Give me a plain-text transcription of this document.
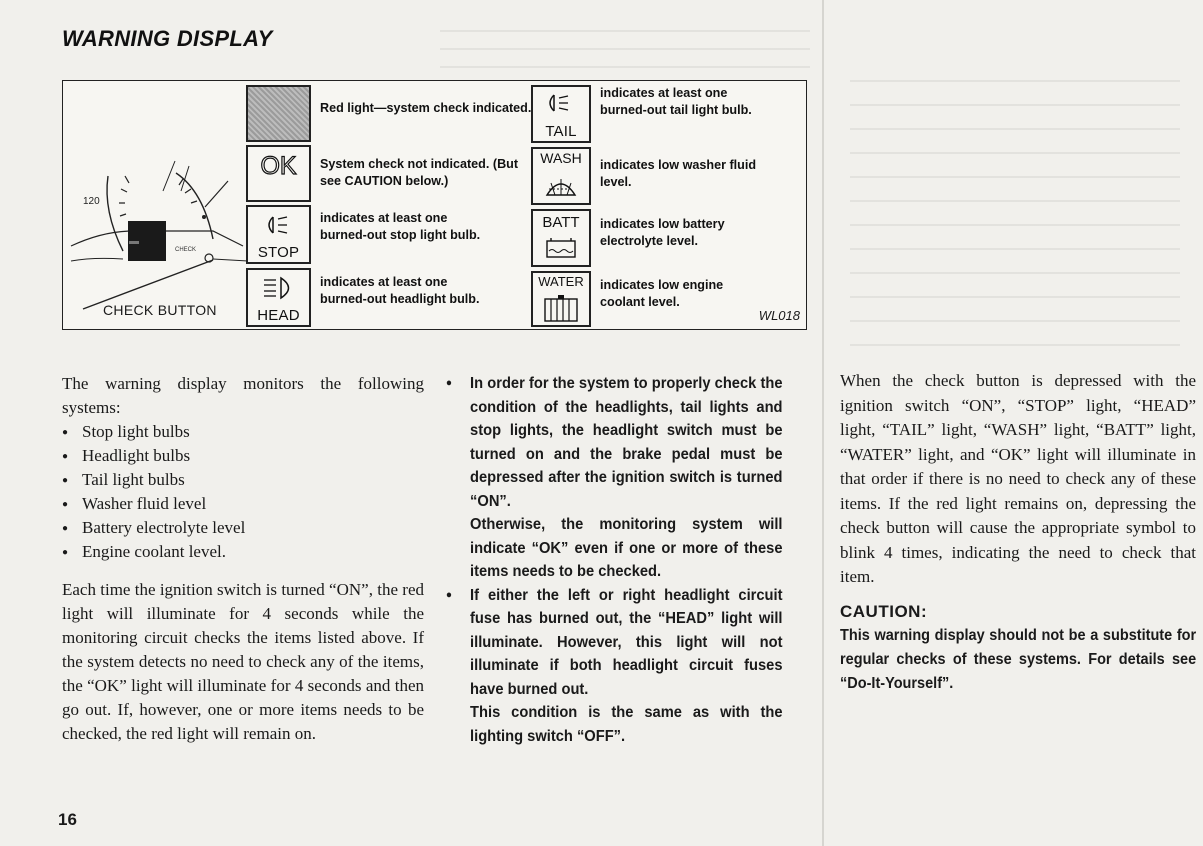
WARNING DISPLAY
120
CHECK
CHECK BUTTON
OK
STOP
HEAD
Red light—system check indicated.
System check not indicated. (But see CAUTION below.)
indicates at least one burned-out stop light bulb.
indicates at least one burned-out headlight bulb.
TAIL
WASH
BATT
WATER
indicates at least one burned-out tail light bulb.
indicates low washer fluid level.
indicates low battery electrolyte level.
indicates low engine coolant level.
WL018

The warning display monitors the following systems:

● Stop light bulbs
● Headlight bulbs
● Tail light bulbs
● Washer fluid level
● Battery electrolyte level
● Engine coolant level.

Each time the ignition switch is turned “ON”, the red light will illuminate for 4 seconds while the monitoring circuit checks the items listed above. If the system detects no need to check any of the items, the “OK” light will illuminate for 4 seconds and then go out. If, however, one or more items needs to be checked, the red light will remain on.

● In order for the system to properly check the condition of the headlights, tail lights and stop lights, the headlight switch must be turned on and the brake pedal must be depressed after the ignition switch is turned “ON”.
Otherwise, the monitoring system will indicate “OK” even if one or more of these items needs to be checked.
● If either the left or right headlight circuit fuse has burned out, the “HEAD” light will illuminate. However, this light will not illuminate if both headlight circuit fuses have burned out.
This condition is the same as with the lighting switch “OFF”.

When the check button is depressed with the ignition switch “ON”, “STOP” light, “HEAD” light, “TAIL” light, “WASH” light, “BATT” light, “WATER” light, and “OK” light will illuminate in that order if there is no need to check any of these items. If the red light remains on, depressing the check button will cause the appropriate symbol to blink 4 times, indicating the need to check that item.

CAUTION:
This warning display should not be a substitute for regular checks of these systems. For details see “Do-It-Yourself”.
16
